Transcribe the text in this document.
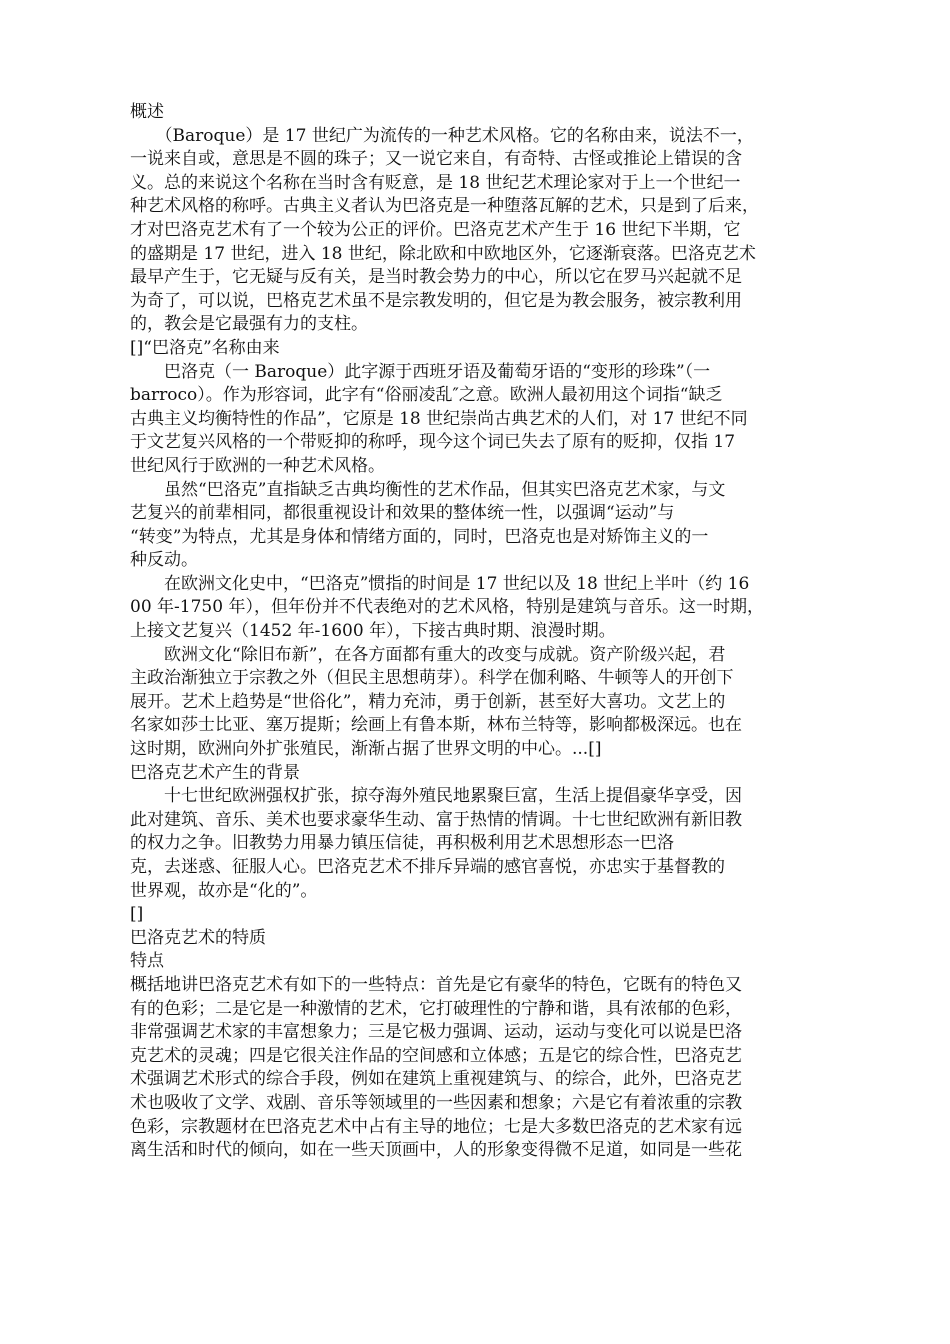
概述
　　（Baroque）是 17 世纪广为流传的一种艺术风格。它的名称由来，说法不一，
一说来自或，意思是不圆的珠子；又一说它来自，有奇特、古怪或推论上错误的含
义。总的来说这个名称在当时含有贬意，是 18 世纪艺术理论家对于上一个世纪一
种艺术风格的称呼。古典主义者认为巴洛克是一种堕落瓦解的艺术，只是到了后来，
才对巴洛克艺术有了一个较为公正的评价。巴洛克艺术产生于 16 世纪下半期，它
的盛期是 17 世纪，进入 18 世纪，除北欧和中欧地区外，它逐渐衰落。巴洛克艺术
最早产生于，它无疑与反有关，是当时教会势力的中心，所以它在罗马兴起就不足
为奇了，可以说，巴格克艺术虽不是宗教发明的，但它是为教会服务，被宗教利用
的，教会是它最强有力的支柱。
[]“巴洛克”名称由来
　　巴洛克（一 Baroque）此字源于西班牙语及葡萄牙语的“变形的珍珠”（一
barroco）。作为形容词，此字有“俗丽凌乱″之意。欧洲人最初用这个词指“缺乏
古典主义均衡特性的作品”，它原是 18 世纪崇尚古典艺术的人们，对 17 世纪不同
于文艺复兴风格的一个带贬抑的称呼，现今这个词已失去了原有的贬抑，仅指 17
世纪风行于欧洲的一种艺术风格。
　　虽然“巴洛克”直指缺乏古典均衡性的艺术作品，但其实巴洛克艺术家，与文
艺复兴的前辈相同，都很重视设计和效果的整体统一性，以强调“运动”与
“转变”为特点，尤其是身体和情绪方面的，同时，巴洛克也是对矫饰主义的一
种反动。
　　在欧洲文化史中，“巴洛克”惯指的时间是 17 世纪以及 18 世纪上半叶（约 16
00 年-1750 年），但年份并不代表绝对的艺术风格，特别是建筑与音乐。这一时期，
上接文艺复兴（1452 年-1600 年），下接古典时期、浪漫时期。
　　欧洲文化“除旧布新”，在各方面都有重大的改变与成就。资产阶级兴起，君
主政治渐独立于宗教之外（但民主思想萌芽）。科学在伽利略、牛顿等人的开创下
展开。艺术上趋势是“世俗化”，精力充沛，勇于创新，甚至好大喜功。文艺上的
名家如莎士比亚、塞万提斯；绘画上有鲁本斯，林布兰特等，影响都极深远。也在
这时期，欧洲向外扩张殖民，渐渐占据了世界文明的中心。...[]
巴洛克艺术产生的背景
　　十七世纪欧洲强权扩张，掠夺海外殖民地累聚巨富，生活上提倡豪华享受，因
此对建筑、音乐、美术也要求豪华生动、富于热情的情调。十七世纪欧洲有新旧教
的权力之争。旧教势力用暴力镇压信徒，再积极利用艺术思想形态一巴洛
克，去迷惑、征服人心。巴洛克艺术不排斥异端的感官喜悦，亦忠实于基督教的
世界观，故亦是“化的”。
[]
巴洛克艺术的特质
特点
概括地讲巴洛克艺术有如下的一些特点：首先是它有豪华的特色，它既有的特色又
有的色彩；二是它是一种激情的艺术，它打破理性的宁静和谐，具有浓郁的色彩，
非常强调艺术家的丰富想象力；三是它极力强调、运动，运动与变化可以说是巴洛
克艺术的灵魂；四是它很关注作品的空间感和立体感；五是它的综合性，巴洛克艺
术强调艺术形式的综合手段，例如在建筑上重视建筑与、的综合，此外，巴洛克艺
术也吸收了文学、戏剧、音乐等领域里的一些因素和想象；六是它有着浓重的宗教
色彩，宗教题材在巴洛克艺术中占有主导的地位；七是大多数巴洛克的艺术家有远
离生活和时代的倾向，如在一些天顶画中，人的形象变得微不足道，如同是一些花
